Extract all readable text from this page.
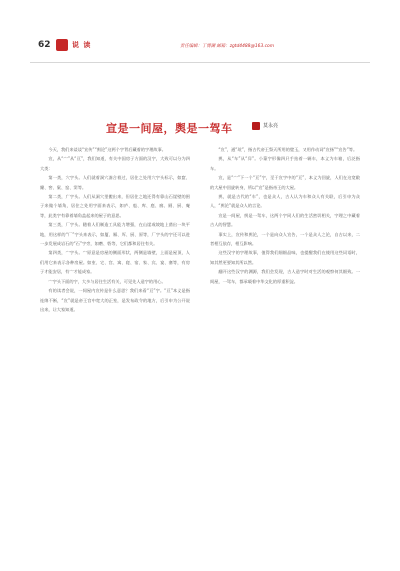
62	说 读	责任编辑：丁博渊 邮箱：zgtd4488@163.com
宣是一间屋，舆是一驾车	莫永亮

今天，我们来谈谈“宣传”“舆论”这两个字背后藏着的字理故事。

宣，从“宀”从“亘”，我们知道，有关中国房子方面的汉字，大致可以分为四大类：

第一类，穴字头。人们就着洞穴凑合着过，居住之处用穴字头标示，如窟、窿、窖、窠、窑、窦等。

第二类，广字头。人们从洞穴里搬出来，但居住之地还得有靠山石崖壁的围子来做个墙角，居住之处用字面来表示，如庐、庖、库、庭、廊、厕、厨、庵等，此类字有靠着墙角盖起来的屋子的意思。

第三类，厂字头。随着人们制造工具能力增强，在山崖或坡地上凿出一块平地，用这样的“厂”字头来表示，如厦、厢、厍、厨、原等，厂字头的字还可以进一步发展成岩石的“石”字旁，如磨、砦等，它们都和居住有关。

第四类，宀字头。宀原意是房屋的侧面形状，两侧是墙壁，上面是屋顶，人们用它来表示各种房屋。如室、宅、宫、寓、寝、宿、家、宾、宴、寨等，有房子才能安居，有宀才能成家。

宀字头下面的字，大多与居住生活有关，可见先人造字的用心。

有的读者会说，一间屋内宣传是什么意思？我们来看“亘”字。“亘”本义是指连绵不断，“宣”就是帝王宫中宽大的正室，是发布政令的地方，后引申为公开说出来，让大家知道。

“宣”，通“瑄”，指古代帝王祭天所用的璧玉，又用作动词“宣扬”“宣告”等。

舆，从“车”从“舁”。小篆字形像四只手抬着一辆车，本义为车箱，后泛指车。

宣，是“宀”下一个“亘”字，至于宣字中的“亘”，本义为回旋，人们在这宽敞的大屋中回旋转身，所以“宣”是指帝王的大屋。

舆，就是古代的“车”，也是众人，古人认为车和众人有关联，后引申为众人，“舆论”就是众人的言论。

宣是一间屋，舆是一驾车，这两个字同人们的生活密切相关，字理之中藏着古人的智慧。

事实上，宣传和舆论，一个是向众人宣告，一个是众人之论，自古以来，二者相互依存，相互影响。

这些汉字的字理故事，值得我们细细品味，也提醒我们在使用这些词语时，知其然更要知其所以然。

翻开这些汉字的渊源，我们会发现，古人造字时对生活的观察何其细致。一间屋，一驾车，都承载着中华文化的厚重积淀。
